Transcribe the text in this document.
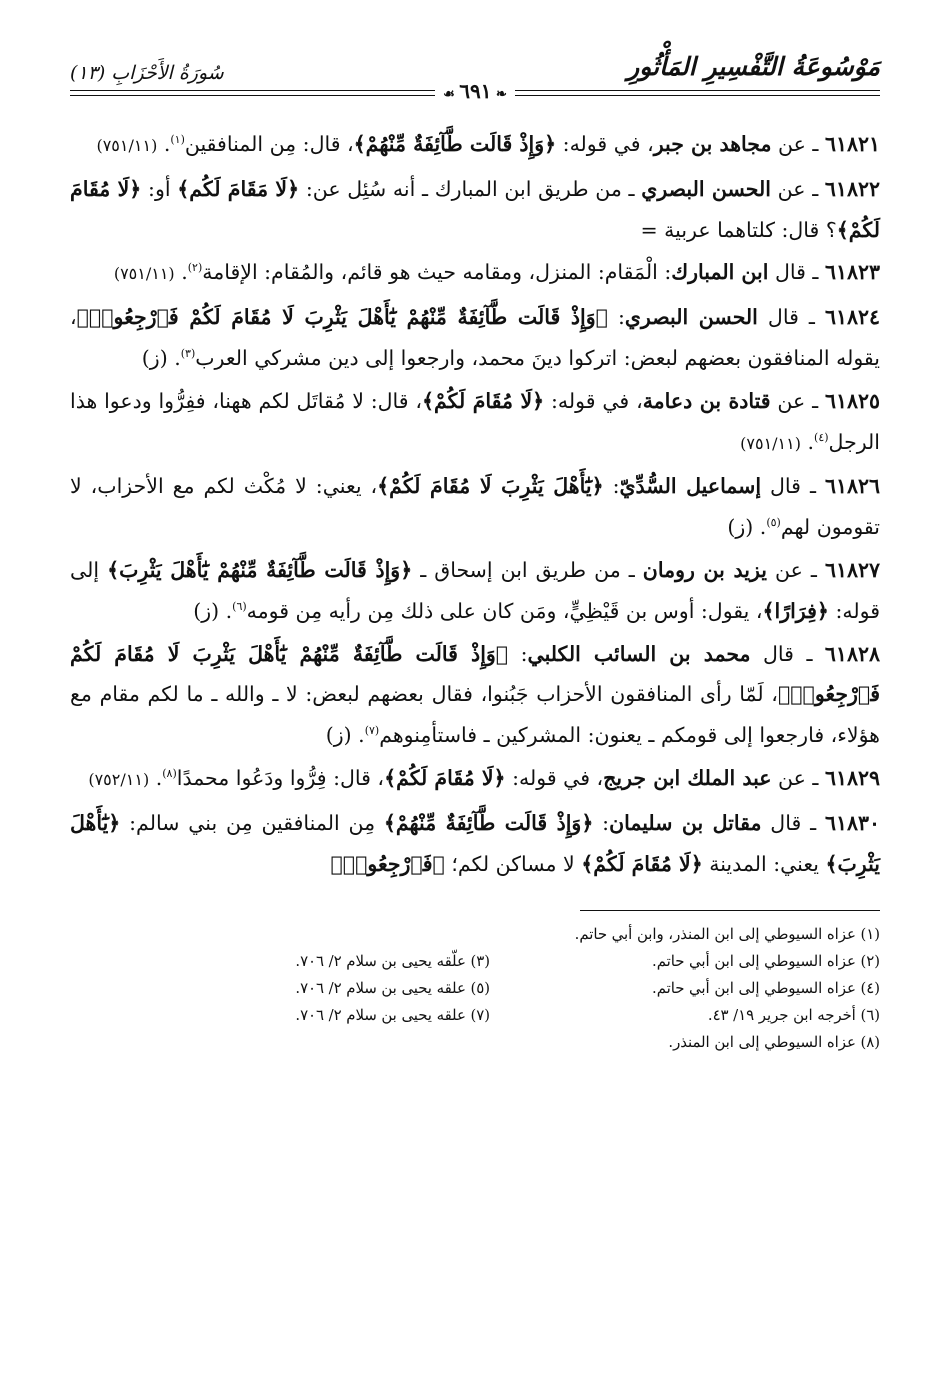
مَوْسُوعَةُ التَّفْسِيرِ المَأْثُورِ
سُورَةُ الأَحْزَابِ (١٣)
❧ ٦٩١ ☙

٦١٨٢١ ـ عن مجاهد بن جبر، في قوله: ﴿وَإِذْ قَالَت طَّآئِفَةٌ مِّنْهُمْ﴾، قال: مِن المنافقين$^{(١)}$. (٧٥١/١١)

٦١٨٢٢ ـ عن الحسن البصري ـ من طريق ابن المبارك ـ أنه سُئِل عن: ﴿لَا مَقَامَ لَكُم﴾ أو: ﴿لَا مُقَامَ لَكُمْ﴾؟ قال: كلتاهما عربية =

٦١٨٢٣ ـ قال ابن المبارك: الْمَقام: المنزل، ومقامه حيث هو قائم، والمُقام: الإقامة$^{(٢)}$. (٧٥١/١١)

٦١٨٢٤ ـ قال الحسن البصري: ﴿وَإِذْ قَالَت طَّآئِفَةٌ مِّنْهُمْ يَٰٓأَهْلَ يَثْرِبَ لَا مُقَامَ لَكُمْ فَٱرْجِعُوا۟﴾، يقوله المنافقون بعضهم لبعض: اتركوا دينَ محمد، وارجعوا إلى دين مشركي العرب$^{(٣)}$. (ز)

٦١٨٢٥ ـ عن قتادة بن دعامة، في قوله: ﴿لَا مُقَامَ لَكُمْ﴾، قال: لا مُقاتَل لكم ههنا، ففِرُّوا ودعوا هذا الرجل$^{(٤)}$. (٧٥١/١١)

٦١٨٢٦ ـ قال إسماعيل السُّدِّيّ: ﴿يَٰٓأَهْلَ يَثْرِبَ لَا مُقَامَ لَكُمْ﴾، يعني: لا مُكْث لكم مع الأحزاب، لا تقومون لهم$^{(٥)}$. (ز)

٦١٨٢٧ ـ عن يزيد بن رومان ـ من طريق ابن إسحاق ـ ﴿وَإِذْ قَالَت طَّآئِفَةٌ مِّنْهُمْ يَٰٓأَهْلَ يَثْرِبَ﴾ إلى قوله: ﴿فِرَارًا﴾، يقول: أوس بن قَيْظِيٍّ، ومَن كان على ذلك مِن رأيه مِن قومه$^{(٦)}$. (ز)

٦١٨٢٨ ـ قال محمد بن السائب الكلبي: ﴿وَإِذْ قَالَت طَّآئِفَةٌ مِّنْهُمْ يَٰٓأَهْلَ يَثْرِبَ لَا مُقَامَ لَكُمْ فَٱرْجِعُوا۟﴾، لَمّا رأى المنافقون الأحزاب جَبُنوا، فقال بعضهم لبعض: لا ـ والله ـ ما لكم مقام مع هؤلاء، فارجعوا إلى قومكم ـ يعنون: المشركين ـ فاستأمِنوهم$^{(٧)}$. (ز)

٦١٨٢٩ ـ عن عبد الملك ابن جريج، في قوله: ﴿لَا مُقَامَ لَكُمْ﴾، قال: فِرُّوا ودَعُوا محمدًا$^{(٨)}$. (٧٥٢/١١)

٦١٨٣٠ ـ قال مقاتل بن سليمان: ﴿وَإِذْ قَالَت طَّآئِفَةٌ مِّنْهُمْ﴾ مِن المنافقين مِن بني سالم: ﴿يَٰٓأَهْلَ يَثْرِبَ﴾ يعني: المدينة ﴿لَا مُقَامَ لَكُمْ﴾ لا مساكن لكم؛ ﴿فَٱرْجِعُوا۟﴾

(١) عزاه السيوطي إلى ابن المنذر، وابن أبي حاتم.
(٢) عزاه السيوطي إلى ابن أبي حاتم.
(٣) علّقه يحيى بن سلام ٢/ ٧٠٦.
(٤) عزاه السيوطي إلى ابن أبي حاتم.
(٥) علقه يحيى بن سلام ٢/ ٧٠٦.
(٦) أخرجه ابن جرير ١٩/ ٤٣.
(٧) علقه يحيى بن سلام ٢/ ٧٠٦.
(٨) عزاه السيوطي إلى ابن المنذر.
